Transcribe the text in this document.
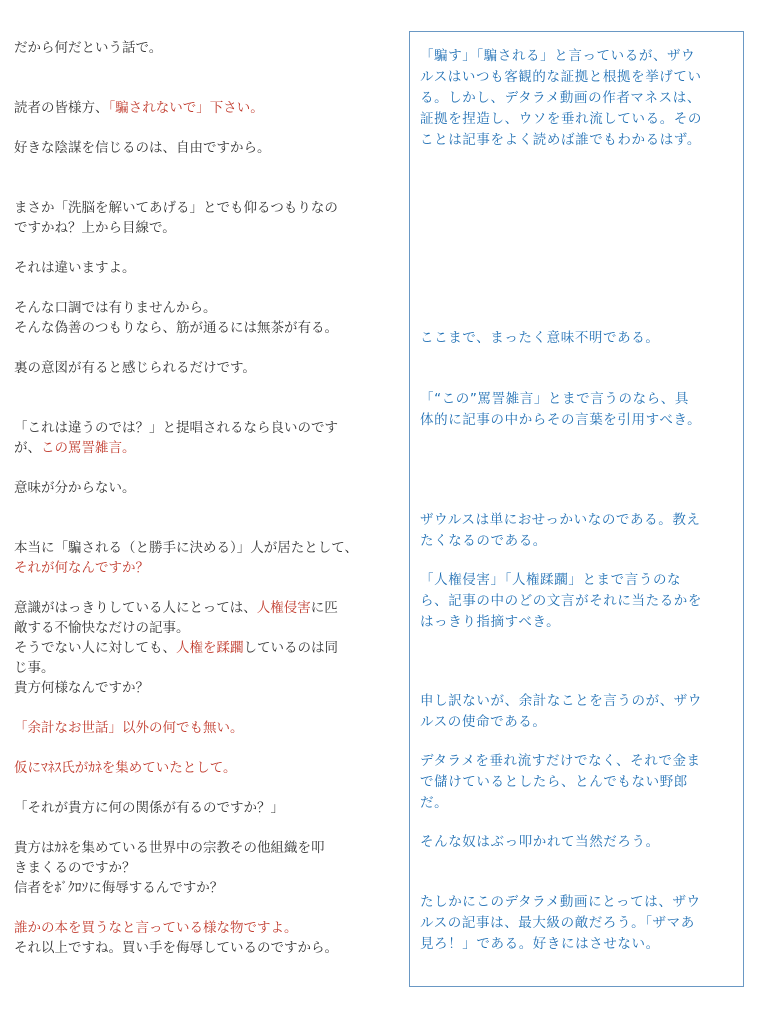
だから何だという話で。
読者の皆様方、「騙されないで」下さい。
好きな陰謀を信じるのは、自由ですから。
まさか「洗脳を解いてあげる」とでも仰るつもりなの
ですかね？上から目線で。
それは違いますよ。
そんな口調では有りませんから。
そんな偽善のつもりなら、筋が通るには無茶が有る。
裏の意図が有ると感じられるだけです。
「これは違うのでは？」と提唱されるなら良いのです
が、この罵詈雑言。
意味が分からない。
本当に「騙される（と勝手に決める）」人が居たとして、
それが何なんですか？
意識がはっきりしている人にとっては、人権侵害に匹
敵する不愉快なだけの記事。
そうでない人に対しても、人権を蹂躙しているのは同
じ事。
貴方何様なんですか？
「余計なお世話」以外の何でも無い。
仮にﾏﾈｽ氏がｶﾈを集めていたとして。
「それが貴方に何の関係が有るのですか？」
貴方はｶﾈを集めている世界中の宗教その他組織を叩
きまくるのですか？
信者をﾎﾞｸﾛｿに侮辱するんですか？
誰かの本を買うなと言っている様な物ですよ。
それ以上ですね。買い手を侮辱しているのですから。
「騙す」「騙される」と言っているが、ザウ
ルスはいつも客観的な証拠と根拠を挙げてい
る。しかし、デタラメ動画の作者マネスは、
証拠を捏造し、ウソを垂れ流している。その
ことは記事をよく読めば誰でもわかるはず。
ここまで、まったく意味不明である。
「“この”罵詈雑言」とまで言うのなら、具
体的に記事の中からその言葉を引用すべき。
ザウルスは単におせっかいなのである。教え
たくなるのである。
「人権侵害」「人権蹂躙」とまで言うのな
ら、記事の中のどの文言がそれに当たるかを
はっきり指摘すべき。
申し訳ないが、余計なことを言うのが、ザウ
ルスの使命である。
デタラメを垂れ流すだけでなく、それで金ま
で儲けているとしたら、とんでもない野郎
だ。
そんな奴はぶっ叩かれて当然だろう。
たしかにこのデタラメ動画にとっては、ザウ
ルスの記事は、最大級の敵だろう。「ザマあ
見ろ！」である。好きにはさせない。
